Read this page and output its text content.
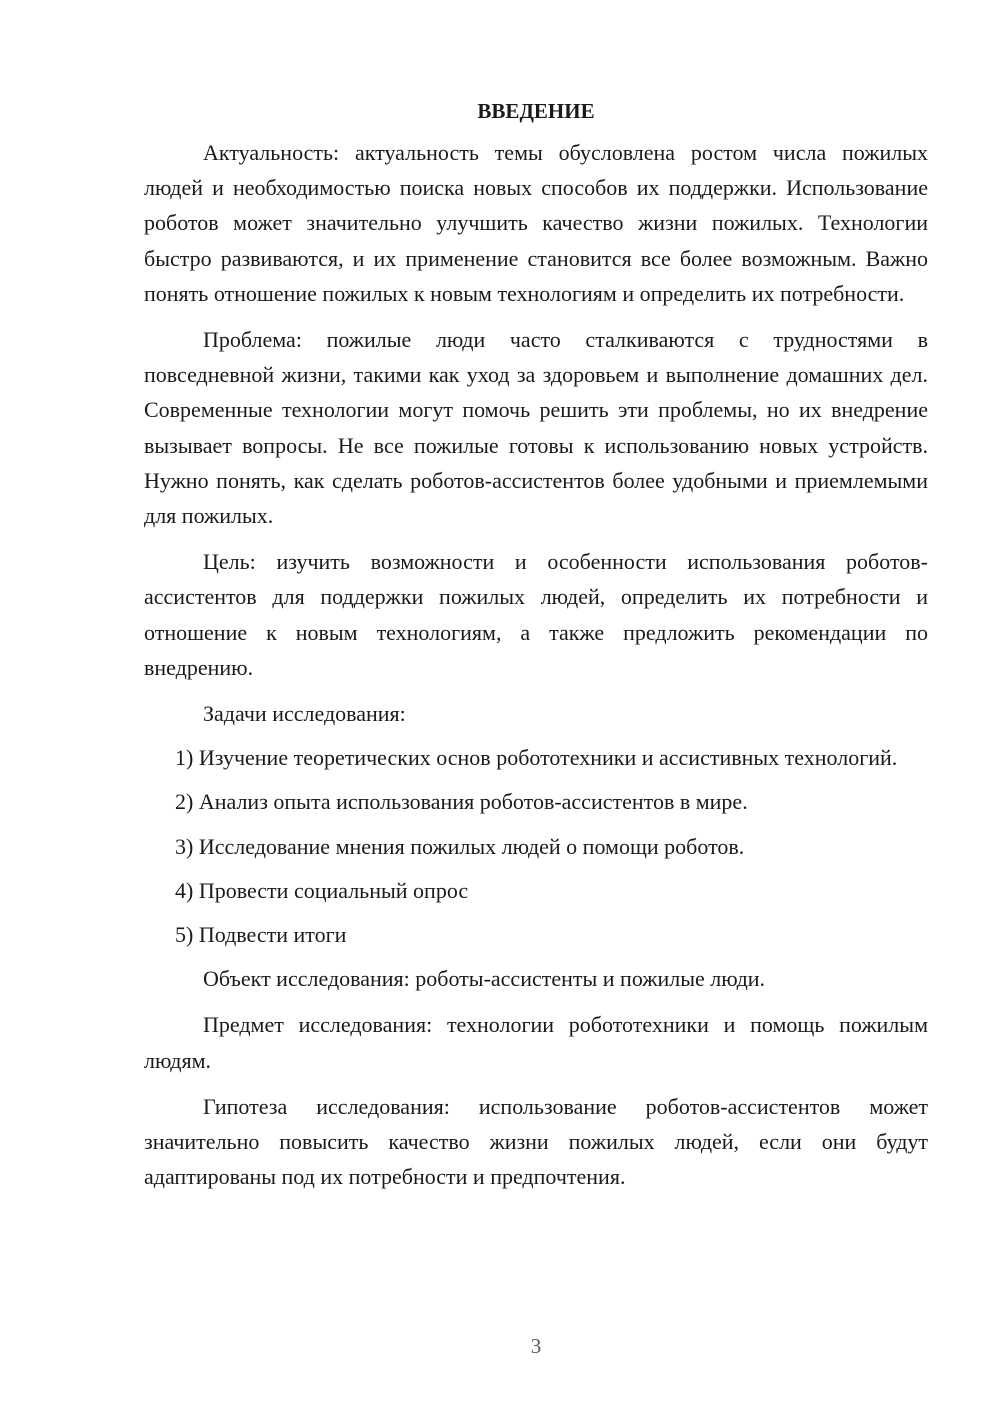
ВВЕДЕНИЕ

Актуальность: актуальность темы обусловлена ростом числа пожилых людей и необходимостью поиска новых способов их поддержки. Использование роботов может значительно улучшить качество жизни пожилых. Технологии быстро развиваются, и их применение становится все более возможным. Важно понять отношение пожилых к новым технологиям и определить их потребности.

Проблема: пожилые люди часто сталкиваются с трудностями в повседневной жизни, такими как уход за здоровьем и выполнение домашних дел. Современные технологии могут помочь решить эти проблемы, но их внедрение вызывает вопросы. Не все пожилые готовы к использованию новых устройств. Нужно понять, как сделать роботов-ассистентов более удобными и приемлемыми для пожилых.

Цель: изучить возможности и особенности использования роботов-ассистентов для поддержки пожилых людей, определить их потребности и отношение к новым технологиям, а также предложить рекомендации по внедрению.

Задачи исследования:

1) Изучение теоретических основ робототехники и ассистивных технологий.

2) Анализ опыта использования роботов-ассистентов в мире.

3) Исследование мнения пожилых людей о помощи роботов.

4) Провести социальный опрос

5) Подвести итоги

Объект исследования: роботы-ассистенты и пожилые люди.

Предмет исследования: технологии робототехники и помощь пожилым людям.

Гипотеза исследования: использование роботов-ассистентов может значительно повысить качество жизни пожилых людей, если они будут адаптированы под их потребности и предпочтения.

3
